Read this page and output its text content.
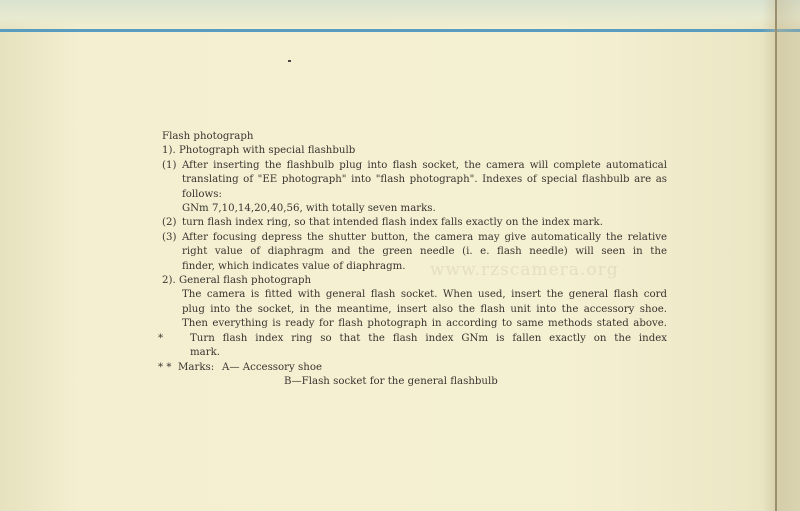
www.rzscamera.org
Flash photograph
1). Photograph with special flashbulb
(1) After inserting the flashbulb plug into flash socket, the camera will complete automatical
translating of "EE photograph" into "flash photograph". Indexes of special flashbulb are as
follows:
GNm 7,10,14,20,40,56, with totally seven marks.
(2) turn flash index ring, so that intended flash index falls exactly on the index mark.
(3) After focusing depress the shutter button, the camera may give automatically the relative
right value of diaphragm and the green needle (i. e. flash needle) will seen in the
finder, which indicates value of diaphragm.
2). General flash photograph
The camera is fitted with general flash socket. When used, insert the general flash cord
plug into the socket, in the meantime, insert also the flash unit into the accessory shoe.
Then everything is ready for flash photograph in according to same methods stated above.
*	Turn flash index ring so that the flash index GNm is fallen exactly on the index
mark.
* * Marks: A— Accessory shoe
B—Flash socket for the general flashbulb
